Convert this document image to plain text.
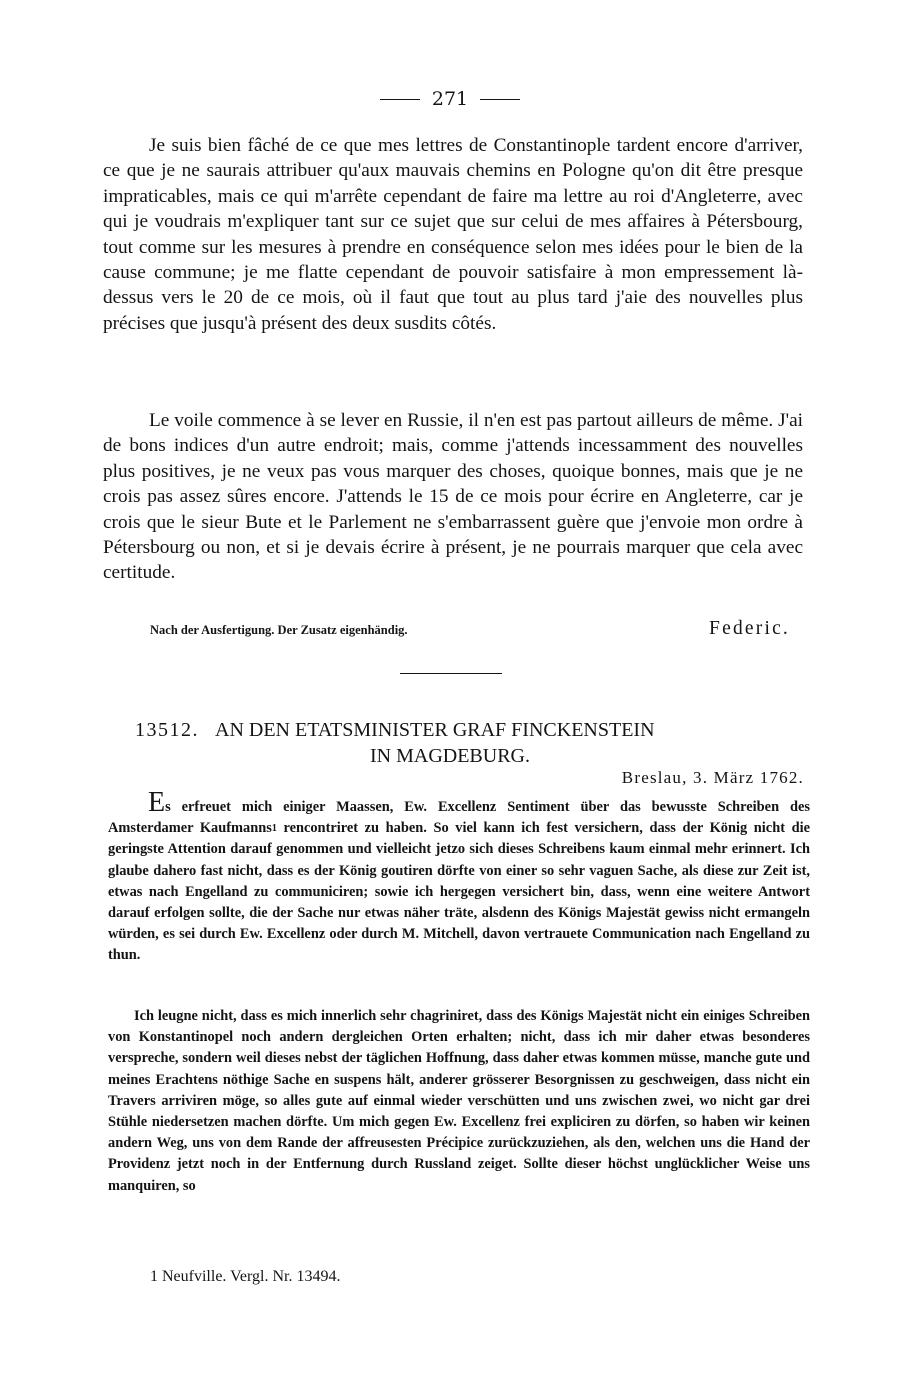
271

Je suis bien fâché de ce que mes lettres de Constantinople tardent encore d'arriver, ce que je ne saurais attribuer qu'aux mauvais chemins en Pologne qu'on dit être presque impraticables, mais ce qui m'arrête cependant de faire ma lettre au roi d'Angleterre, avec qui je voudrais m'expliquer tant sur ce sujet que sur celui de mes affaires à Pétersbourg, tout comme sur les mesures à prendre en conséquence selon mes idées pour le bien de la cause commune; je me flatte cependant de pouvoir satisfaire à mon empressement là-dessus vers le 20 de ce mois, où il faut que tout au plus tard j'aie des nouvelles plus précises que jusqu'à présent des deux susdits côtés.

Le voile commence à se lever en Russie, il n'en est pas partout ailleurs de même. J'ai de bons indices d'un autre endroit; mais, comme j'attends incessamment des nouvelles plus positives, je ne veux pas vous marquer des choses, quoique bonnes, mais que je ne crois pas assez sûres encore. J'attends le 15 de ce mois pour écrire en Angleterre, car je crois que le sieur Bute et le Parlement ne s'embarrassent guère que j'envoie mon ordre à Pétersbourg ou non, et si je devais écrire à présent, je ne pourrais marquer que cela avec certitude.

Nach der Ausfertigung. Der Zusatz eigenhändig.	Federic.
13512. AN DEN ETATSMINISTER GRAF FINCKENSTEIN
IN MAGDEBURG.
Breslau, 3. März 1762.

Es erfreuet mich einiger Maassen, Ew. Excellenz Sentiment über das bewusste Schreiben des Amsterdamer Kaufmanns1 rencontriret zu haben. So viel kann ich fest versichern, dass der König nicht die geringste Attention darauf genommen und vielleicht jetzo sich dieses Schreibens kaum einmal mehr erinnert. Ich glaube dahero fast nicht, dass es der König goutiren dörfte von einer so sehr vaguen Sache, als diese zur Zeit ist, etwas nach Engelland zu communiciren; sowie ich hergegen versichert bin, dass, wenn eine weitere Antwort darauf erfolgen sollte, die der Sache nur etwas näher träte, alsdenn des Königs Majestät gewiss nicht ermangeln würden, es sei durch Ew. Excellenz oder durch M. Mitchell, davon vertrauete Communication nach Engelland zu thun.

Ich leugne nicht, dass es mich innerlich sehr chagriniret, dass des Königs Majestät nicht ein einiges Schreiben von Konstantinopel noch andern dergleichen Orten erhalten; nicht, dass ich mir daher etwas besonderes verspreche, sondern weil dieses nebst der täglichen Hoffnung, dass daher etwas kommen müsse, manche gute und meines Erachtens nöthige Sache en suspens hält, anderer grösserer Besorgnissen zu geschweigen, dass nicht ein Travers arriviren möge, so alles gute auf einmal wieder verschütten und uns zwischen zwei, wo nicht gar drei Stühle niedersetzen machen dörfte. Um mich gegen Ew. Excellenz frei expliciren zu dörfen, so haben wir keinen andern Weg, uns von dem Rande der affreusesten Précipice zurückzuziehen, als den, welchen uns die Hand der Providenz jetzt noch in der Entfernung durch Russland zeiget. Sollte dieser höchst unglücklicher Weise uns manquiren, so

1 Neufville. Vergl. Nr. 13494.
